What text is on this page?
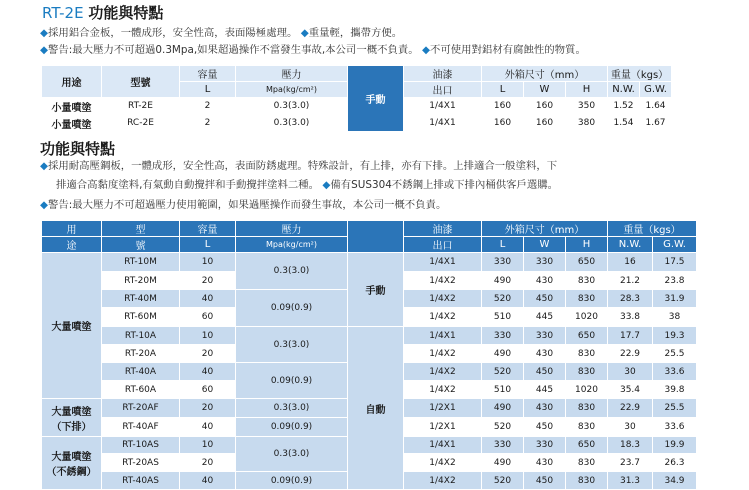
RT-2E 功能與特點
◆採用鋁合金板，一體成形，安全性高，表面陽極處理。 ◆重量輕，攜帶方便。
◆警告:最大壓力不可超過0.3Mpa,如果超過操作不當發生事故,本公司一概不負責。 ◆不可使用對鋁材有腐蝕性的物質。
用途	型號	容量	壓力	手動	油漆	外箱尺寸（mm）			重量（kgs）	
		L	Mpa(kg/cm²)		出口	L	W	H	N.W.	G.W.
小量噴塗	RT-2E	2	0.3(3.0)		1/4X1	160	160	350	1.52	1.64
小量噴塗	RC-2E	2	0.3(3.0)		1/4X1	160	160	380	1.54	1.67
功能與特點
◆採用耐高壓鋼板，一體成形，安全性高，表面防銹處理。特殊設計，有上排，亦有下排。上排適合一般塗料，下
排適合高黏度塗料,有氣動自動攪拌和手動攪拌塗料二種。 ◆備有SUS304不銹鋼上排或下排內桶供客戶選購。
◆警告:最大壓力不可超過壓力使用範圍，如果過壓操作而發生事故，本公司一概不負責。
用	型	容量	壓力		油漆	外箱尺寸（mm）			重量（kgs）	
途	號	L	Mpa(kg/cm²)		出口	L	W	H	N.W.	G.W.

大量噴塗	RT-10M	10	0.3(3.0)	手動	1/4X1	330	330	650	16	17.5
	RT-20M	20			1/4X2	490	430	830	21.2	23.8
	RT-40M	40	0.09(0.9)		1/4X2	520	450	830	28.3	31.9
	RT-60M	60			1/4X2	510	445	1020	33.8	38
	RT-10A	10	0.3(3.0)	自動	1/4X1	330	330	650	17.7	19.3
	RT-20A	20			1/4X2	490	430	830	22.9	25.5
	RT-40A	40	0.09(0.9)		1/4X2	520	450	830	30	33.6
	RT-60A	60			1/4X2	510	445	1020	35.4	39.8

大量噴塗
（下排）	RT-20AF	20	0.3(3.0)		1/2X1	490	430	830	22.9	25.5
	RT-40AF	40	0.09(0.9)		1/2X1	520	450	830	30	33.6

大量噴塗
（不銹鋼）	RT-10AS	10	0.3(3.0)		1/4X1	330	330	650	18.3	19.9
	RT-20AS	20			1/4X2	490	430	830	23.7	26.3
	RT-40AS	40	0.09(0.9)		1/4X2	520	450	830	31.3	34.9
